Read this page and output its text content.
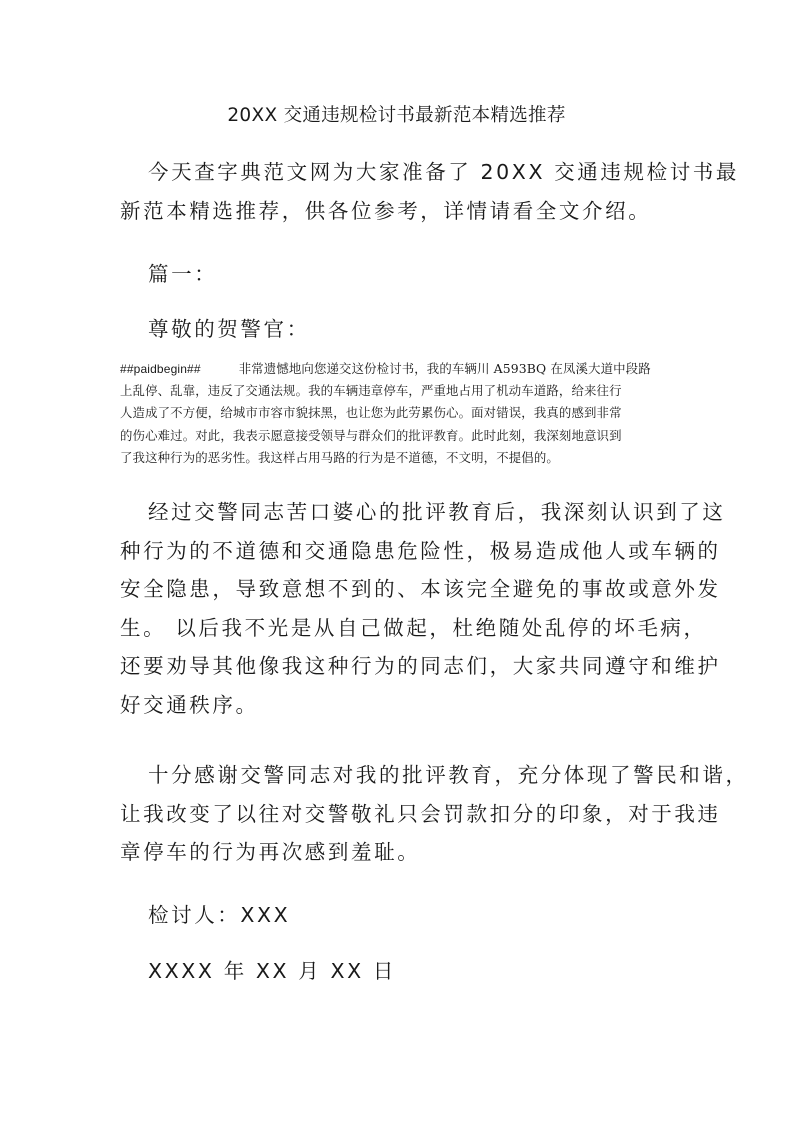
20XX 交通违规检讨书最新范本精选推荐
今天查字典范文网为大家准备了 20XX 交通违规检讨书最
新范本精选推荐，供各位参考，详情请看全文介绍。
篇一：
尊敬的贺警官：
##paidbegin##	非常遗憾地向您递交这份检讨书，我的车辆川 A593BQ 在凤溪大道中段路
上乱停、乱靠，违反了交通法规。我的车辆违章停车，严重地占用了机动车道路，给来往行
人造成了不方便，给城市市容市貌抹黑，也让您为此劳累伤心。面对错误，我真的感到非常
的伤心难过。对此，我表示愿意接受领导与群众们的批评教育。此时此刻，我深刻地意识到
了我这种行为的恶劣性。我这样占用马路的行为是不道德，不文明，不提倡的。
经过交警同志苦口婆心的批评教育后，我深刻认识到了这
种行为的不道德和交通隐患危险性，极易造成他人或车辆的
安全隐患，导致意想不到的、本该完全避免的事故或意外发
生。 以后我不光是从自己做起，杜绝随处乱停的坏毛病，
还要劝导其他像我这种行为的同志们，大家共同遵守和维护
好交通秩序。
十分感谢交警同志对我的批评教育，充分体现了警民和谐，
让我改变了以往对交警敬礼只会罚款扣分的印象，对于我违
章停车的行为再次感到羞耻。
检讨人：XXX
XXXX 年 XX 月 XX 日
